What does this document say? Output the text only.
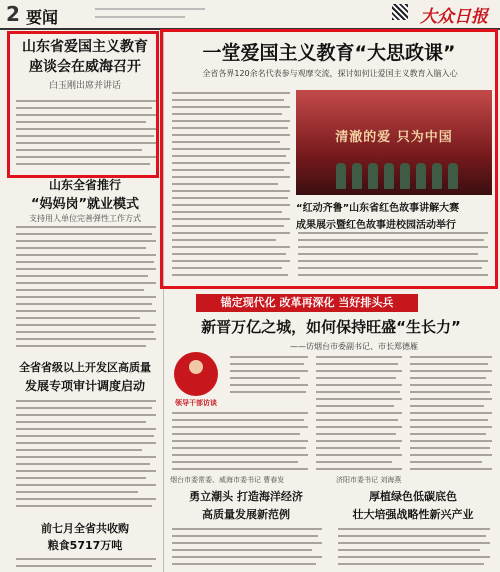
2 要闻	大众日报
山东省爱国主义教育
座谈会在威海召开
白玉刚出席并讲话
山东全省推行
“妈妈岗”就业模式
支持用人单位完善弹性工作方式
全省省级以上开发区高质量
发展专项审计调度启动
前七月全省共收购
粮食5717万吨
一堂爱国主义教育“大思政课”
全省各界120余名代表参与观摩交流，探讨如何让爱国主义教育入脑入心
清澈的爱 只为中国
“红动齐鲁”山东省红色故事讲解大赛
成果展示暨红色故事进校园活动举行
锚定现代化 改革再深化 当好排头兵
新晋万亿之城，如何保持旺盛“生长力”
——访烟台市委副书记、市长郑德雁
领导干部访谈
烟台市委常委、威海市委书记 曹春发
勇立潮头 打造海洋经济
高质量发展新范例
济阳市委书记 刘海燕
厚植绿色低碳底色
壮大培强战略性新兴产业
